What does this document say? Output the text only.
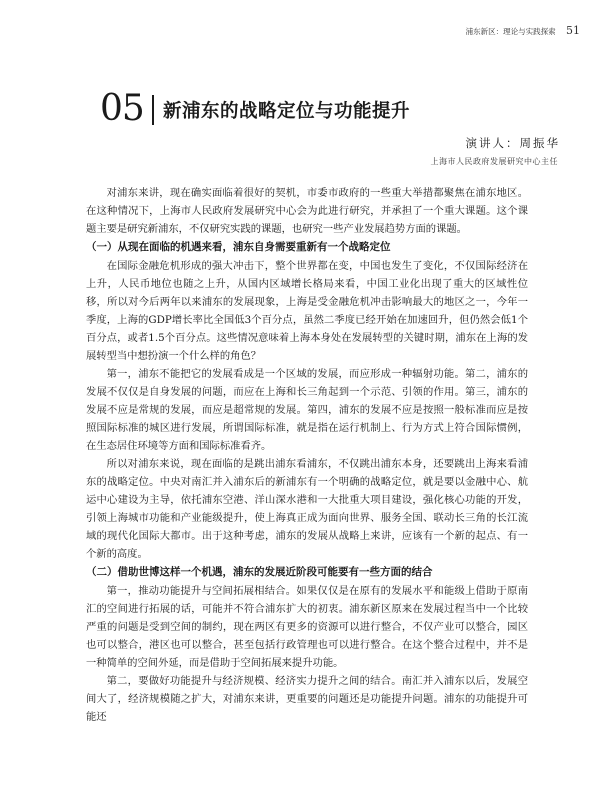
浦东新区：理论与实践探索 51
05 新浦东的战略定位与功能提升
演讲人：周振华
上海市人民政府发展研究中心主任

对浦东来讲，现在确实面临着很好的契机，市委市政府的一些重大举措都聚焦在浦东地区。在这种情况下，上海市人民政府发展研究中心会为此进行研究，并承担了一个重大课题。这个课题主要是研究新浦东，不仅研究实践的课题，也研究一些产业发展趋势方面的课题。

（一）从现在面临的机遇来看，浦东自身需要重新有一个战略定位

在国际金融危机形成的强大冲击下，整个世界都在变，中国也发生了变化，不仅国际经济在上升，人民币地位也随之上升，从国内区域增长格局来看，中国工业化出现了重大的区域性位移，所以对今后两年以来浦东的发展现象，上海是受金融危机冲击影响最大的地区之一，今年一季度，上海的GDP增长率比全国低3个百分点，虽然二季度已经开始在加速回升，但仍然会低1个百分点，或者1.5个百分点。这些情况意味着上海本身处在发展转型的关键时期，浦东在上海的发展转型当中想扮演一个什么样的角色？

第一，浦东不能把它的发展看成是一个区域的发展，而应形成一种辐射功能。第二，浦东的发展不仅仅是自身发展的问题，而应在上海和长三角起到一个示范、引领的作用。第三，浦东的发展不应是常规的发展，而应是超常规的发展。第四，浦东的发展不应是按照一般标准而应是按照国际标准的城区进行发展，所谓国际标准，就是指在运行机制上、行为方式上符合国际惯例，在生态居住环境等方面和国际标准看齐。

所以对浦东来说，现在面临的是跳出浦东看浦东，不仅跳出浦东本身，还要跳出上海来看浦东的战略定位。中央对南汇并入浦东后的新浦东有一个明确的战略定位，就是要以金融中心、航运中心建设为主导，依托浦东空港、洋山深水港和一大批重大项目建设，强化核心功能的开发，引领上海城市功能和产业能级提升，使上海真正成为面向世界、服务全国、联动长三角的长江流域的现代化国际大都市。出于这种考虑，浦东的发展从战略上来讲，应该有一个新的起点、有一个新的高度。

（二）借助世博这样一个机遇，浦东的发展近阶段可能要有一些方面的结合

第一，推动功能提升与空间拓展相结合。如果仅仅是在原有的发展水平和能级上借助于原南汇的空间进行拓展的话，可能并不符合浦东扩大的初衷。浦东新区原来在发展过程当中一个比较严重的问题是受到空间的制约，现在两区有更多的资源可以进行整合，不仅产业可以整合，园区也可以整合，港区也可以整合，甚至包括行政管理也可以进行整合。在这个整合过程中，并不是一种简单的空间外延，而是借助于空间拓展来提升功能。

第二，要做好功能提升与经济规模、经济实力提升之间的结合。南汇并入浦东以后，发展空间大了，经济规模随之扩大，对浦东来讲，更重要的问题还是功能提升问题。浦东的功能提升可能还
